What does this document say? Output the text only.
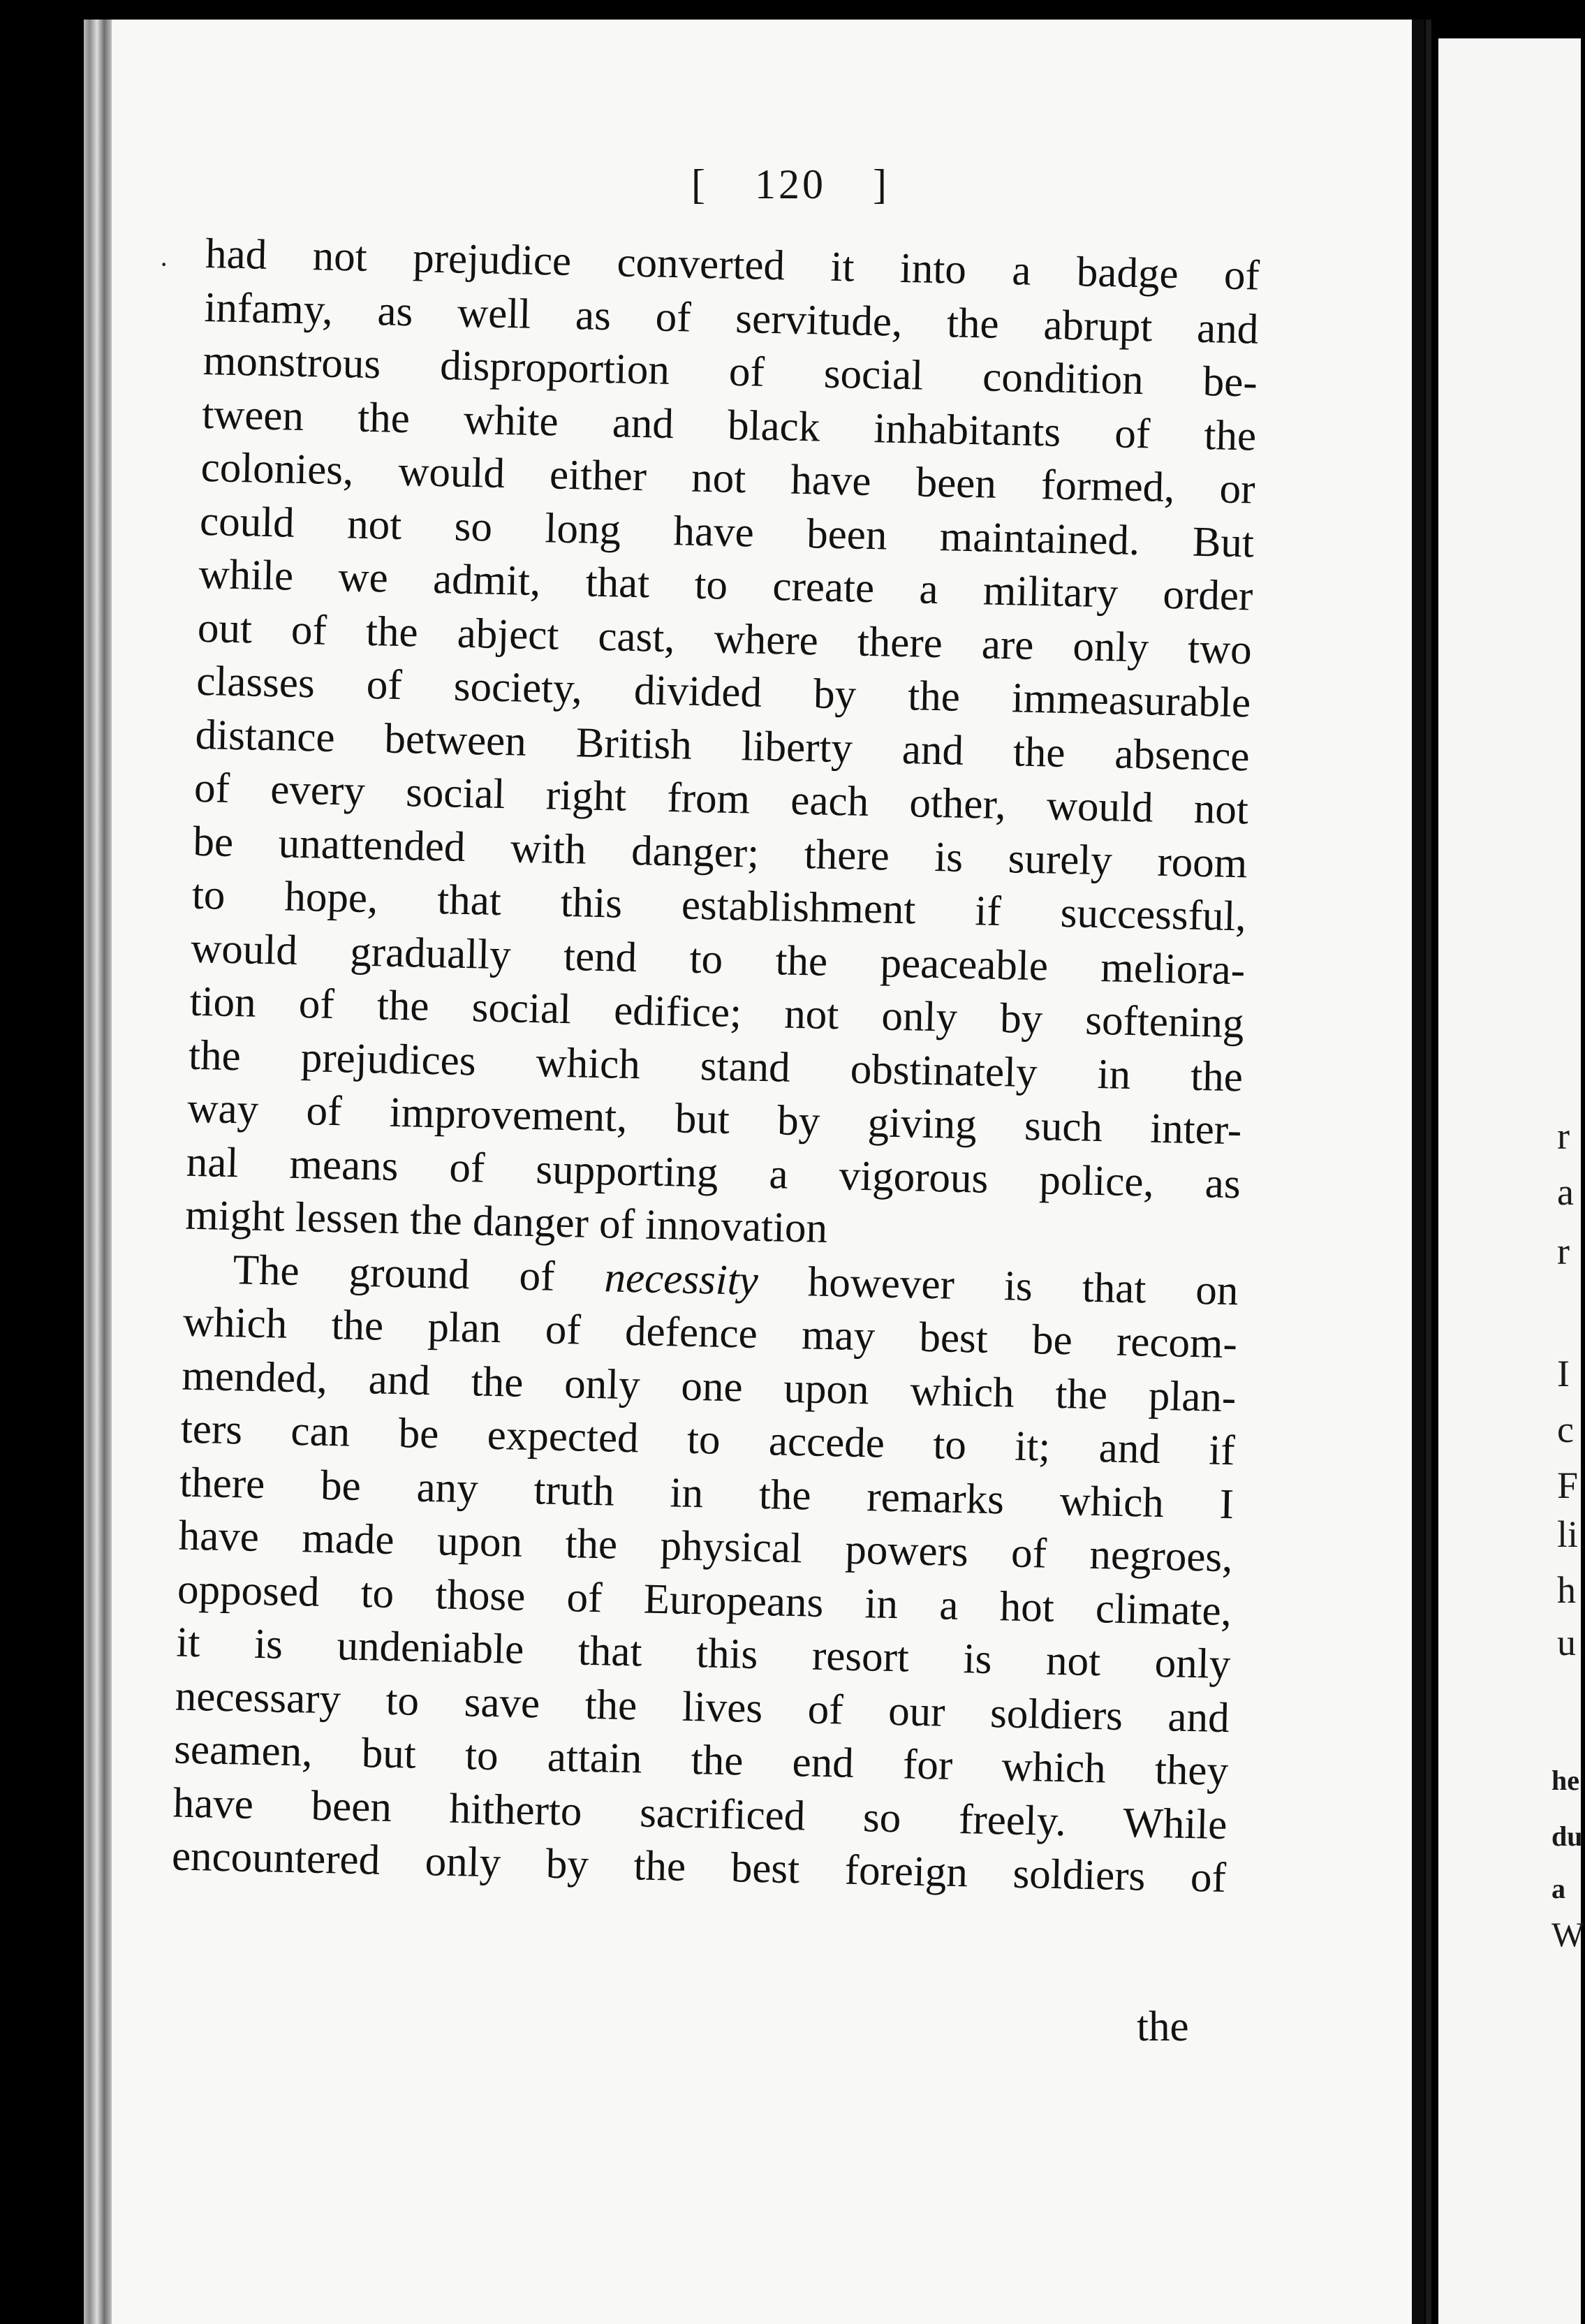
r
a
r
I
c
F
li
h
u
he
du
a
W
[ 120 ]
· had not prejudice converted it into a badge of
infamy, as well as of servitude, the abrupt and
monstrous disproportion of social condition be-
tween the white and black inhabitants of the
colonies, would either not have been formed, or
could not so long have been maintained. But
while we admit, that to create a military order
out of the abject cast, where there are only two
classes of society, divided by the immeasurable
distance between British liberty and the absence
of every social right from each other, would not
be unattended with danger; there is surely room
to hope, that this establishment if successful,
would gradually tend to the peaceable meliora-
tion of the social edifice; not only by softening
the prejudices which stand obstinately in the
way of improvement, but by giving such inter-
nal means of supporting a vigorous police, as
might lessen the danger of innovation
The ground of necessity however is that on
which the plan of defence may best be recom-
mended, and the only one upon which the plan-
ters can be expected to accede to it; and if
there be any truth in the remarks which I
have made upon the physical powers of negroes,
opposed to those of Europeans in a hot climate,
it is undeniable that this resort is not only
necessary to save the lives of our soldiers and
seamen, but to attain the end for which they
have been hitherto sacrificed so freely. While
encountered only by the best foreign soldiers of
the
